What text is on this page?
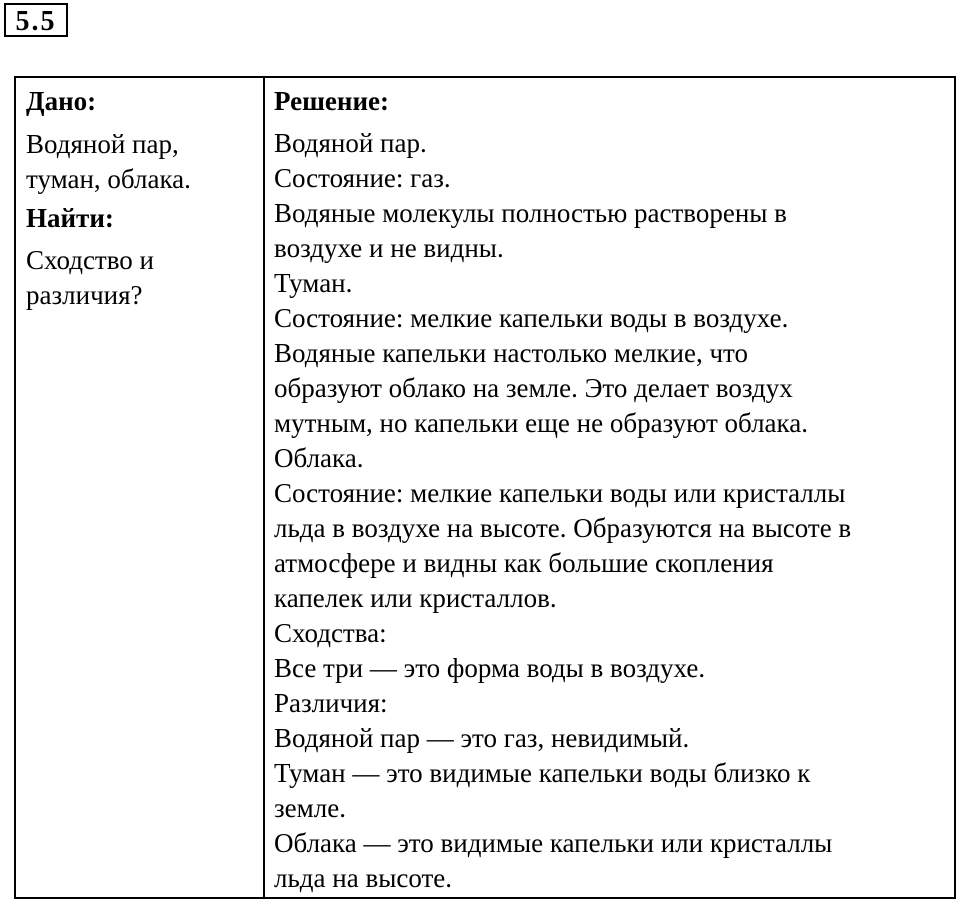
5.5
Дано:
Водяной пар,
туман, облака.
Найти:
Сходство и
различия?
Решение:
Водяной пар.
Состояние: газ.
Водяные молекулы полностью растворены в
воздухе и не видны.
Туман.
Состояние: мелкие капельки воды в воздухе.
Водяные капельки настолько мелкие, что
образуют облако на земле. Это делает воздух
мутным, но капельки еще не образуют облака.
Облака.
Состояние: мелкие капельки воды или кристаллы
льда в воздухе на высоте. Образуются на высоте в
атмосфере и видны как большие скопления
капелек или кристаллов.
Сходства:
Все три — это форма воды в воздухе.
Различия:
Водяной пар — это газ, невидимый.
Туман — это видимые капельки воды близко к
земле.
Облака — это видимые капельки или кристаллы
льда на высоте.
